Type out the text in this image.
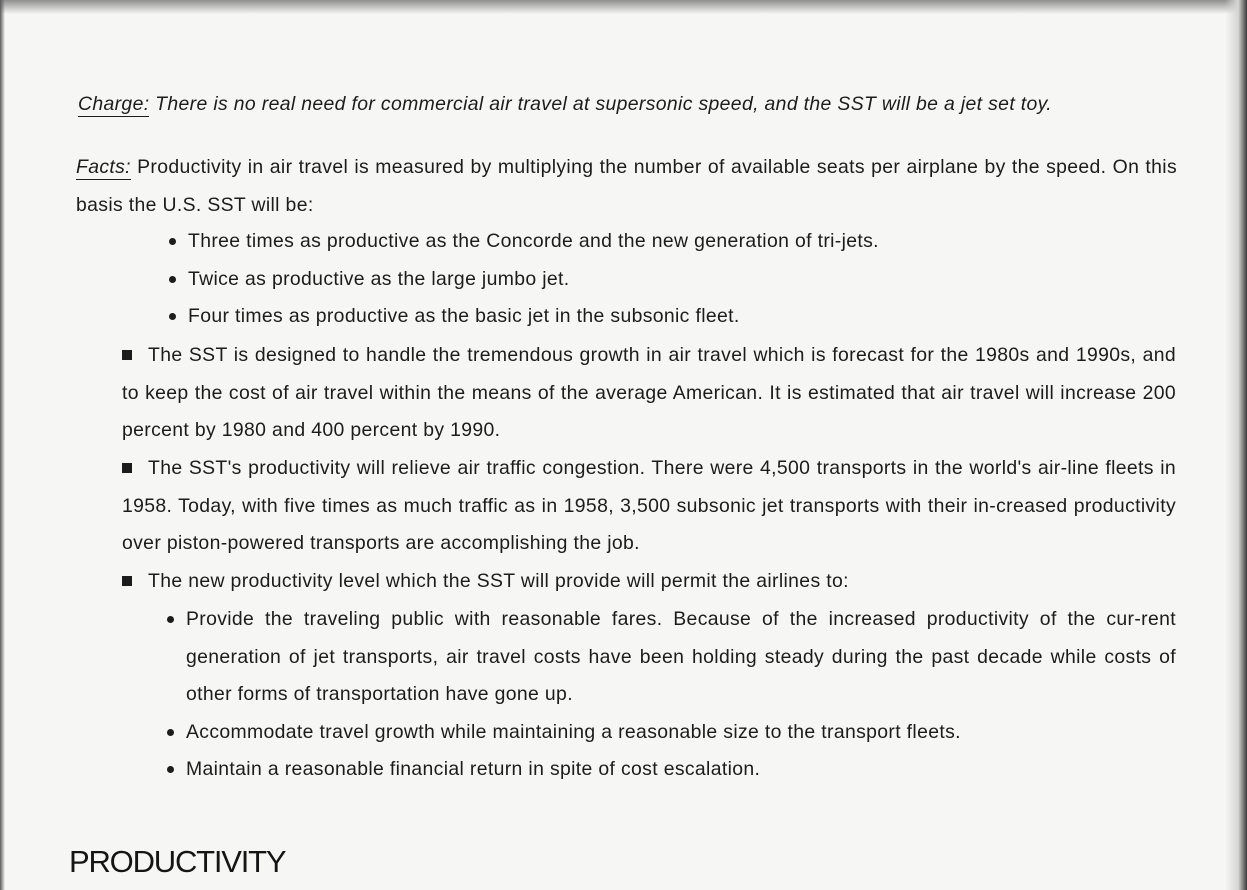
Charge: There is no real need for commercial air travel at supersonic speed, and the SST will be a jet set toy.
Facts: Productivity in air travel is measured by multiplying the number of available seats per airplane by the speed. On this basis the U.S. SST will be:
Three times as productive as the Concorde and the new generation of tri-jets.
Twice as productive as the large jumbo jet.
Four times as productive as the basic jet in the subsonic fleet.
The SST is designed to handle the tremendous growth in air travel which is forecast for the 1980s and 1990s, and to keep the cost of air travel within the means of the average American. It is estimated that air travel will increase 200 percent by 1980 and 400 percent by 1990.
The SST's productivity will relieve air traffic congestion. There were 4,500 transports in the world's air-line fleets in 1958. Today, with five times as much traffic as in 1958, 3,500 subsonic jet transports with their in-creased productivity over piston-powered transports are accomplishing the job.
The new productivity level which the SST will provide will permit the airlines to:
Provide the traveling public with reasonable fares. Because of the increased productivity of the cur-rent generation of jet transports, air travel costs have been holding steady during the past decade while costs of other forms of transportation have gone up.
Accommodate travel growth while maintaining a reasonable size to the transport fleets.
Maintain a reasonable financial return in spite of cost escalation.
PRODUCTIVITY
